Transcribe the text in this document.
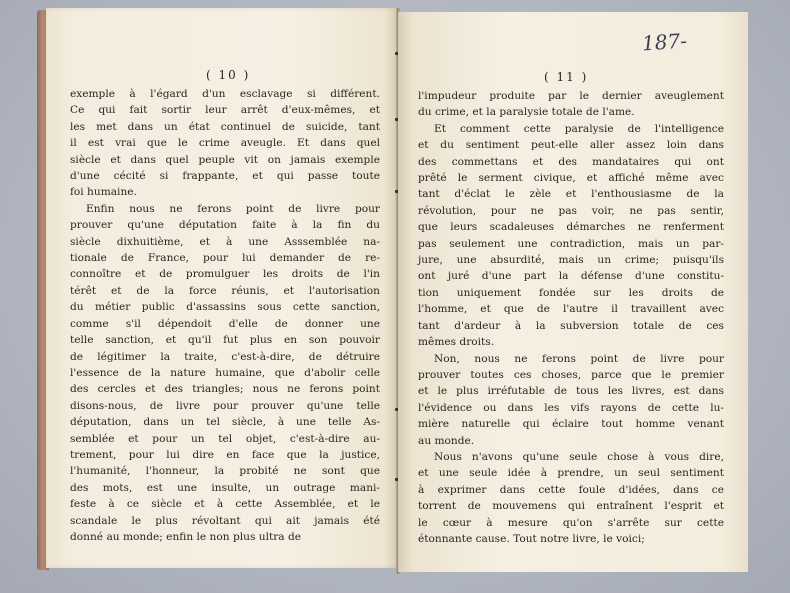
( 10 )
exemple à l'égard d'un esclavage si différent.
Ce qui fait sortir leur arrêt d'eux-mêmes, et
les met dans un état continuel de suicide, tant
il est vrai que le crime aveugle. Et dans quel
siècle et dans quel peuple vit on jamais exemple
d'une cécité si frappante, et qui passe toute
foi humaine.
Enfin nous ne ferons point de livre pour
prouver qu'une députation faite à la fin du
siècle dixhuitième, et à une Asssemblée na-
tionale de France, pour lui demander de re-
connoître et de promulguer les droits de l'in
térêt et de la force réunis, et l'autorisation
du métier public d'assassins sous cette sanction,
comme s'il dépendoit d'elle de donner une
telle sanction, et qu'il fut plus en son pouvoir
de légitimer la traite, c'est-à-dire, de détruire
l'essence de la nature humaine, que d'abolir celle
des cercles et des triangles; nous ne ferons point
disons-nous, de livre pour prouver qu'une telle
députation, dans un tel siècle, à une telle As-
semblée et pour un tel objet, c'est-à-dire au-
trement, pour lui dire en face que la justice,
l'humanité, l'honneur, la probité ne sont que
des mots, est une insulte, un outrage mani-
feste à ce siècle et à cette Assemblée, et le
scandale le plus révoltant qui ait jamais été
donné au monde; enfin le non plus ultra de
( 11 )
l'impudeur produite par le dernier aveuglement
du crime, et la paralysie totale de l'ame.
Et comment cette paralysie de l'intelligence
et du sentiment peut-elle aller assez loin dans
des commettans et des mandataires qui ont
prêté le serment civique, et affiché même avec
tant d'éclat le zèle et l'enthousiasme de la
révolution, pour ne pas voir, ne pas sentir,
que leurs scadaleuses démarches ne renferment
pas seulement une contradiction, mais un par-
jure, une absurdité, mais un crime; puisqu'ils
ont juré d'une part la défense d'une constitu-
tion uniquement fondée sur les droits de
l'homme, et que de l'autre il travaillent avec
tant d'ardeur à la subversion totale de ces
mêmes droits.
Non, nous ne ferons point de livre pour
prouver toutes ces choses, parce que le premier
et le plus irréfutable de tous les livres, est dans
l'évidence ou dans les vifs rayons de cette lu-
mière naturelle qui éclaire tout homme venant
au monde.
Nous n'avons qu'une seule chose à vous dire,
et une seule idée à prendre, un seul sentiment
à exprimer dans cette foule d'idées, dans ce
torrent de mouvemens qui entraînent l'esprit et
le cœur à mesure qu'on s'arrête sur cette
étonnante cause. Tout notre livre, le voici;
187-
